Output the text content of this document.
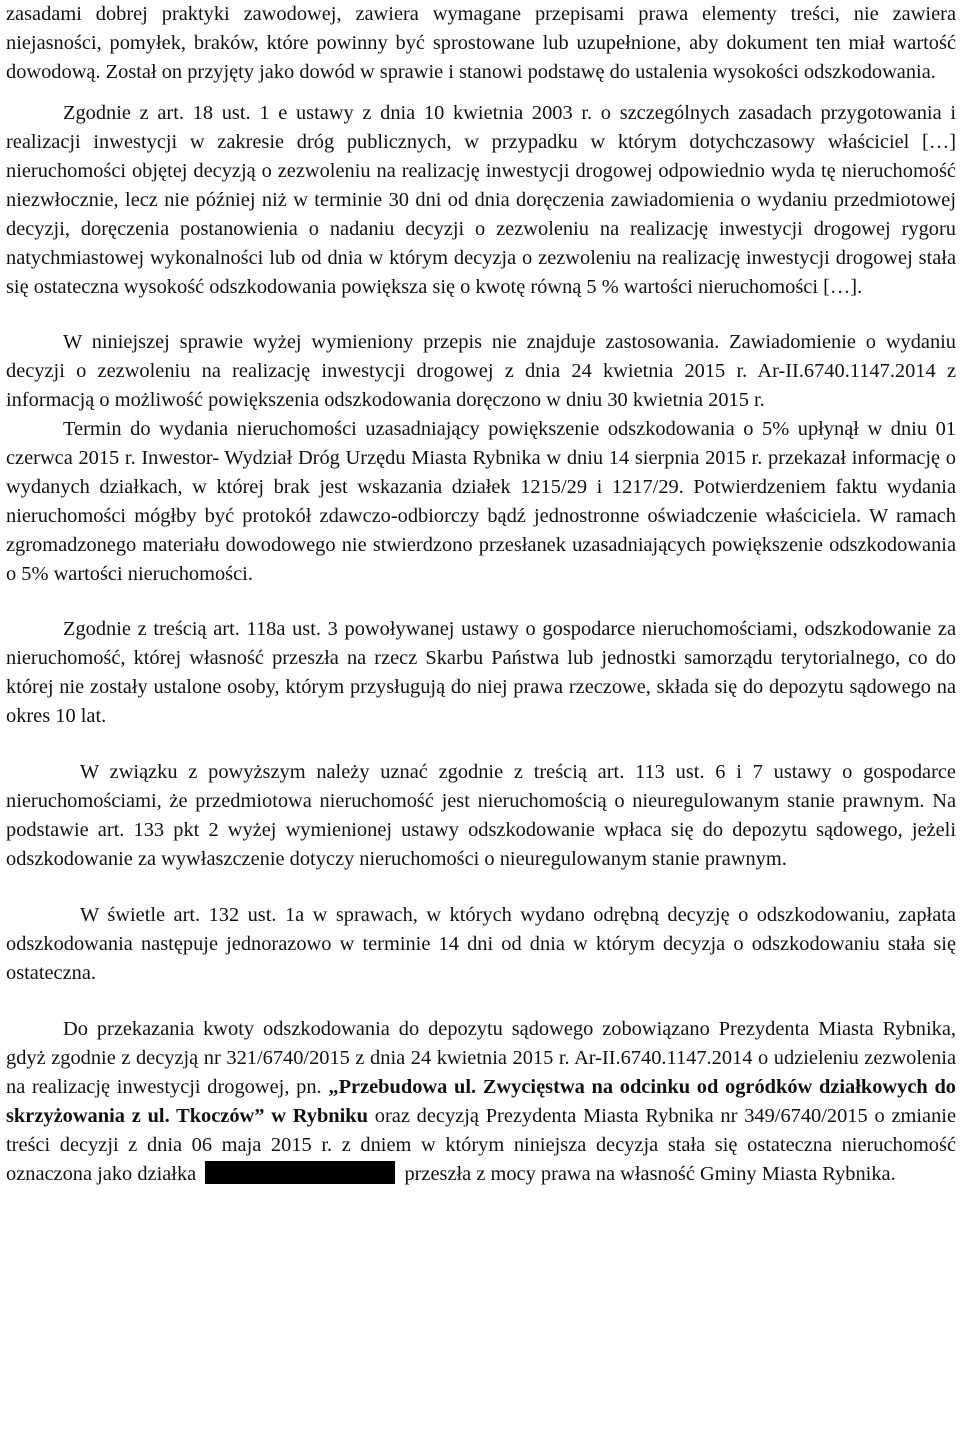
zasadami dobrej praktyki zawodowej, zawiera wymagane przepisami prawa elementy treści, nie zawiera niejasności, pomyłek, braków, które powinny być sprostowane lub uzupełnione, aby dokument ten miał wartość dowodową. Został on przyjęty jako dowód w sprawie i stanowi podstawę do ustalenia wysokości odszkodowania.

Zgodnie z art. 18 ust. 1 e ustawy z dnia 10 kwietnia 2003 r. o szczególnych zasadach przygotowania i realizacji inwestycji w zakresie dróg publicznych, w przypadku w którym dotychczasowy właściciel […] nieruchomości objętej decyzją o zezwoleniu na realizację inwestycji drogowej odpowiednio wyda tę nieruchomość niezwłocznie, lecz nie później niż w terminie 30 dni od dnia doręczenia zawiadomienia o wydaniu przedmiotowej decyzji, doręczenia postanowienia o nadaniu decyzji o zezwoleniu na realizację inwestycji drogowej rygoru natychmiastowej wykonalności lub od dnia w którym decyzja o zezwoleniu na realizację inwestycji drogowej stała się ostateczna wysokość odszkodowania powiększa się o kwotę równą 5 % wartości nieruchomości […].

W niniejszej sprawie wyżej wymieniony przepis nie znajduje zastosowania. Zawiadomienie o wydaniu decyzji o zezwoleniu na realizację inwestycji drogowej z dnia 24 kwietnia 2015 r. Ar-II.6740.1147.2014 z informacją o możliwość powiększenia odszkodowania doręczono w dniu 30 kwietnia 2015 r.

Termin do wydania nieruchomości uzasadniający powiększenie odszkodowania o 5% upłynął w dniu 01 czerwca 2015 r. Inwestor- Wydział Dróg Urzędu Miasta Rybnika w dniu 14 sierpnia 2015 r. przekazał informację o wydanych działkach, w której brak jest wskazania działek 1215/29 i 1217/29. Potwierdzeniem faktu wydania nieruchomości mógłby być protokół zdawczo-odbiorczy bądź jednostronne oświadczenie właściciela. W ramach zgromadzonego materiału dowodowego nie stwierdzono przesłanek uzasadniających powiększenie odszkodowania o 5% wartości nieruchomości.

Zgodnie z treścią art. 118a ust. 3 powoływanej ustawy o gospodarce nieruchomościami, odszkodowanie za nieruchomość, której własność przeszła na rzecz Skarbu Państwa lub jednostki samorządu terytorialnego, co do której nie zostały ustalone osoby, którym przysługują do niej prawa rzeczowe, składa się do depozytu sądowego na okres 10 lat.

W związku z powyższym należy uznać zgodnie z treścią art. 113 ust. 6 i 7 ustawy o gospodarce nieruchomościami, że przedmiotowa nieruchomość jest nieruchomością o nieuregulowanym stanie prawnym. Na podstawie art. 133 pkt 2 wyżej wymienionej ustawy odszkodowanie wpłaca się do depozytu sądowego, jeżeli odszkodowanie za wywłaszczenie dotyczy nieruchomości o nieuregulowanym stanie prawnym.

W świetle art. 132 ust. 1a w sprawach, w których wydano odrębną decyzję o odszkodowaniu, zapłata odszkodowania następuje jednorazowo w terminie 14 dni od dnia w którym decyzja o odszkodowaniu stała się ostateczna.

Do przekazania kwoty odszkodowania do depozytu sądowego zobowiązano Prezydenta Miasta Rybnika, gdyż zgodnie z decyzją nr 321/6740/2015 z dnia 24 kwietnia 2015 r. Ar-II.6740.1147.2014 o udzieleniu zezwolenia na realizację inwestycji drogowej, pn. „Przebudowa ul. Zwycięstwa na odcinku od ogródków działkowych do skrzyżowania z ul. Tkoczów” w Rybniku oraz decyzją Prezydenta Miasta Rybnika nr 349/6740/2015 o zmianie treści decyzji z dnia 06 maja 2015 r. z dniem w którym niniejsza decyzja stała się ostateczna nieruchomość oznaczona jako działka	przeszła z mocy prawa na własność Gminy Miasta Rybnika.
